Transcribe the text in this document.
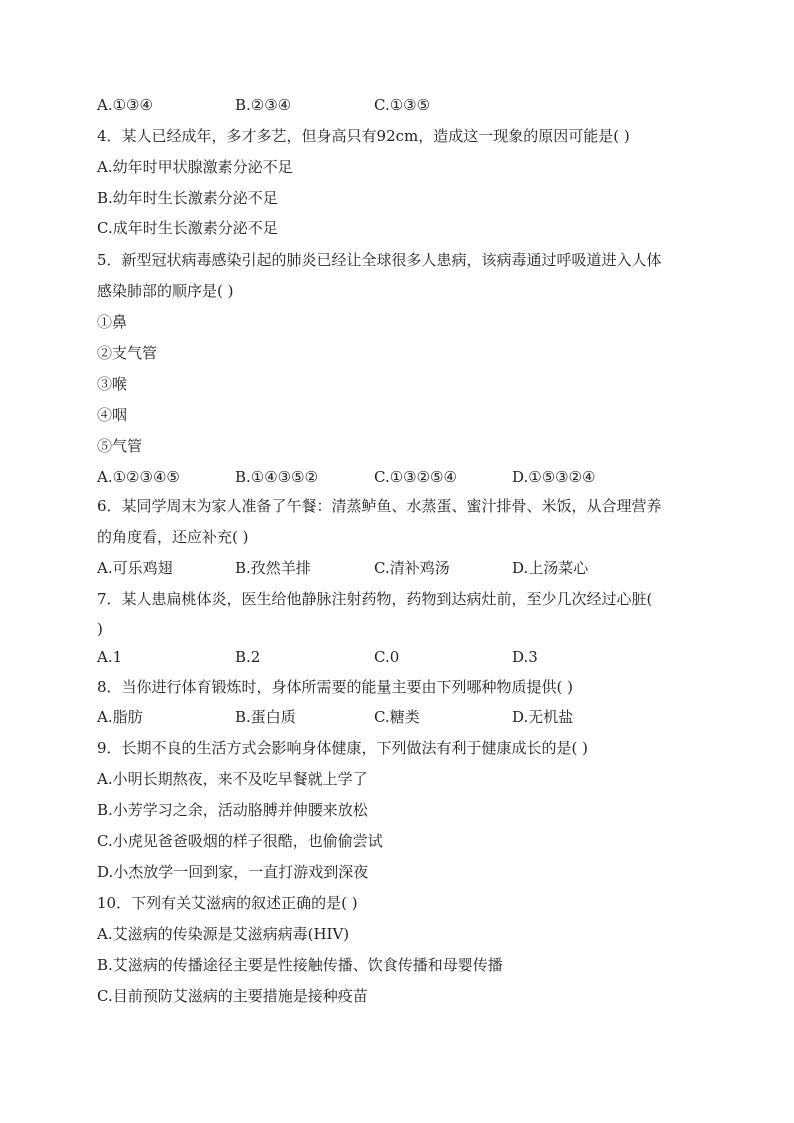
A.①③④	B.②③④	C.①③⑤
4．某人已经成年，多才多艺，但身高只有92cm，造成这一现象的原因可能是( )
A.幼年时甲状腺激素分泌不足
B.幼年时生长激素分泌不足
C.成年时生长激素分泌不足
5．新型冠状病毒感染引起的肺炎已经让全球很多人患病，该病毒通过呼吸道进入人体
感染肺部的顺序是( )
①鼻
②支气管
③喉
④咽
⑤气管
A.①②③④⑤	B.①④③⑤②	C.①③②⑤④	D.①⑤③②④
6．某同学周末为家人准备了午餐：清蒸鲈鱼、水蒸蛋、蜜汁排骨、米饭，从合理营养
的角度看，还应补充( )
A.可乐鸡翅	B.孜然羊排	C.清补鸡汤	D.上汤菜心
7．某人患扁桃体炎，医生给他静脉注射药物，药物到达病灶前，至少几次经过心脏(
)
A.1	B.2	C.0	D.3
8．当你进行体育锻炼时，身体所需要的能量主要由下列哪种物质提供( )
A.脂肪	B.蛋白质	C.糖类	D.无机盐
9．长期不良的生活方式会影响身体健康，下列做法有利于健康成长的是( )
A.小明长期熬夜，来不及吃早餐就上学了
B.小芳学习之余，活动胳膊并伸腰来放松
C.小虎见爸爸吸烟的样子很酷，也偷偷尝试
D.小杰放学一回到家，一直打游戏到深夜
10．下列有关艾滋病的叙述正确的是( )
A.艾滋病的传染源是艾滋病病毒(HIV)
B.艾滋病的传播途径主要是性接触传播、饮食传播和母婴传播
C.目前预防艾滋病的主要措施是接种疫苗
